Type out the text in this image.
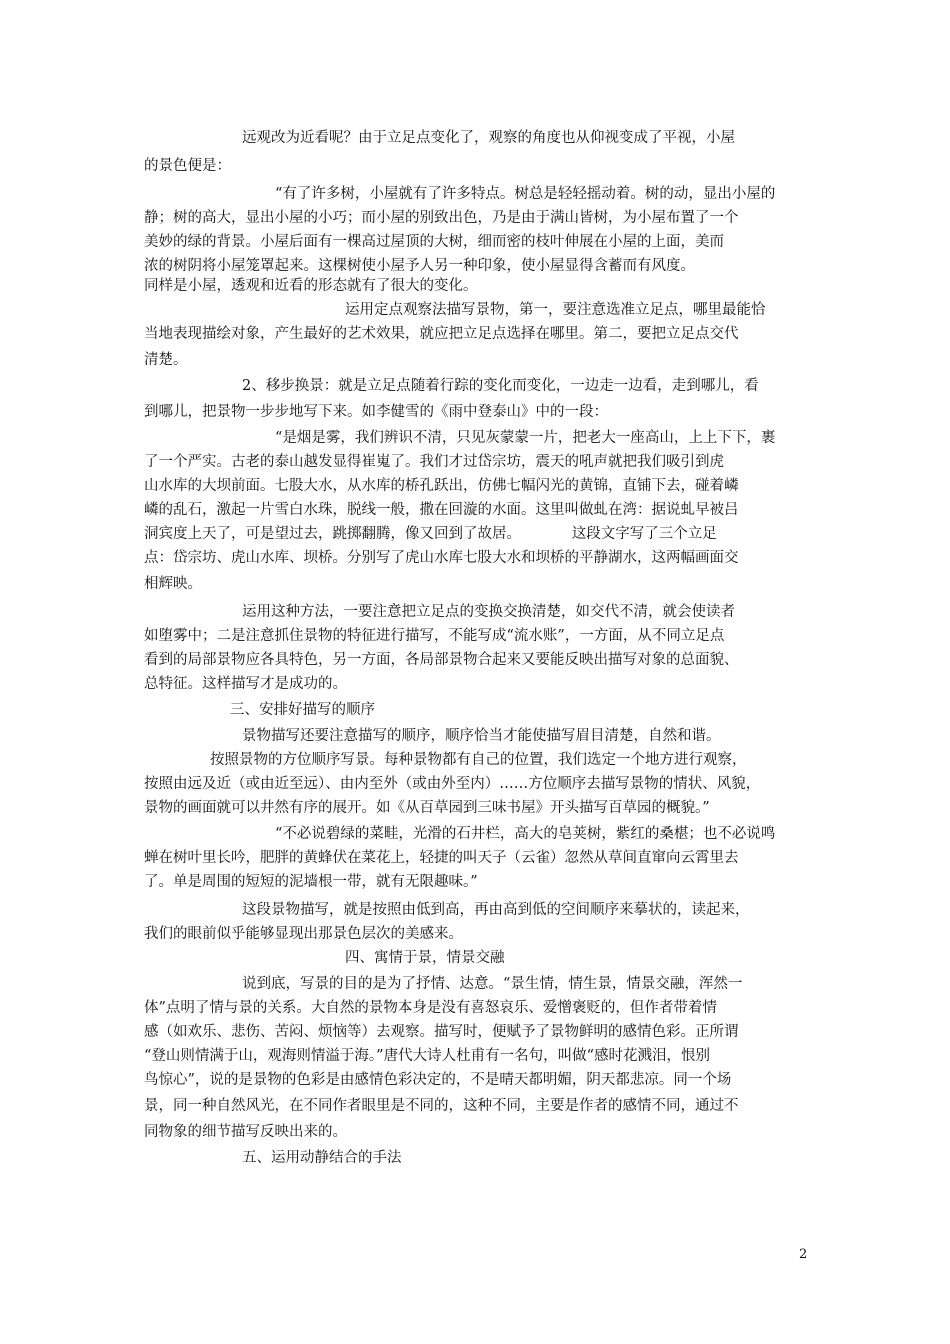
远观改为近看呢？由于立足点变化了，观察的角度也从仰视变成了平视，小屋
的景色便是：
“有了许多树，小屋就有了许多特点。树总是轻轻摇动着。树的动，显出小屋的
静；树的高大，显出小屋的小巧；而小屋的别致出色，乃是由于满山皆树，为小屋布置了一个
美妙的绿的背景。小屋后面有一棵高过屋顶的大树，细而密的枝叶伸展在小屋的上面，美而
浓的树阴将小屋笼罩起来。这棵树使小屋予人另一种印象，使小屋显得含蓄而有风度。
同样是小屋，透观和近看的形态就有了很大的变化。
运用定点观察法描写景物，第一，要注意选准立足点，哪里最能恰
当地表现描绘对象，产生最好的艺术效果，就应把立足点选择在哪里。第二，要把立足点交代
清楚。
2、移步换景：就是立足点随着行踪的变化而变化，一边走一边看，走到哪儿，看
到哪儿，把景物一步步地写下来。如李健雪的《雨中登泰山》中的一段：
“是烟是雾，我们辨识不清，只见灰蒙蒙一片，把老大一座高山，上上下下，裹
了一个严实。古老的泰山越发显得崔嵬了。我们才过岱宗坊，震天的吼声就把我们吸引到虎
山水库的大坝前面。七股大水，从水库的桥孔跃出，仿佛七幅闪光的黄锦，直铺下去，碰着嶙
嶙的乱石，激起一片雪白水珠，脱线一般，撒在回漩的水面。这里叫做虬在湾：据说虬早被吕
洞宾度上天了，可是望过去，跳掷翻腾，像又回到了故居。           这段文字写了三个立足
点：岱宗坊、虎山水库、坝桥。分别写了虎山水库七股大水和坝桥的平静湖水，这两幅画面交
相辉映。
运用这种方法，一要注意把立足点的变换交换清楚，如交代不清，就会使读者
如堕雾中；二是注意抓住景物的特征进行描写，不能写成“流水账”，一方面，从不同立足点
看到的局部景物应各具特色，另一方面，各局部景物合起来又要能反映出描写对象的总面貌、
总特征。这样描写才是成功的。
三、安排好描写的顺序
景物描写还要注意描写的顺序，顺序恰当才能使描写眉目清楚，自然和谐。
按照景物的方位顺序写景。每种景物都有自己的位置，我们选定一个地方进行观察，
按照由远及近（或由近至远）、由内至外（或由外至内）……方位顺序去描写景物的情状、风貌，
景物的画面就可以井然有序的展开。如《从百草园到三味书屋》开头描写百草园的概貌。”
“不必说碧绿的菜畦，光滑的石井栏，高大的皂荚树，紫红的桑椹；也不必说鸣
蝉在树叶里长吟，肥胖的黄蜂伏在菜花上，轻捷的叫天子（云雀）忽然从草间直窜向云霄里去
了。单是周围的短短的泥墙根一带，就有无限趣味。”
这段景物描写，就是按照由低到高，再由高到低的空间顺序来摹状的，读起来，
我们的眼前似乎能够显现出那景色层次的美感来。
四、寓情于景，情景交融
说到底，写景的目的是为了抒情、达意。“景生情，情生景，情景交融，浑然一
体”点明了情与景的关系。大自然的景物本身是没有喜怒哀乐、爱憎褒贬的，但作者带着情
感（如欢乐、悲伤、苦闷、烦恼等）去观察。描写时，便赋予了景物鲜明的感情色彩。正所谓
“登山则情满于山，观海则情溢于海。”唐代大诗人杜甫有一名句，叫做“感时花溅泪，恨别
鸟惊心”，说的是景物的色彩是由感情色彩决定的，不是晴天都明媚，阴天都悲凉。同一个场
景，同一种自然风光，在不同作者眼里是不同的，这种不同，主要是作者的感情不同，通过不
同物象的细节描写反映出来的。
五、运用动静结合的手法
2
